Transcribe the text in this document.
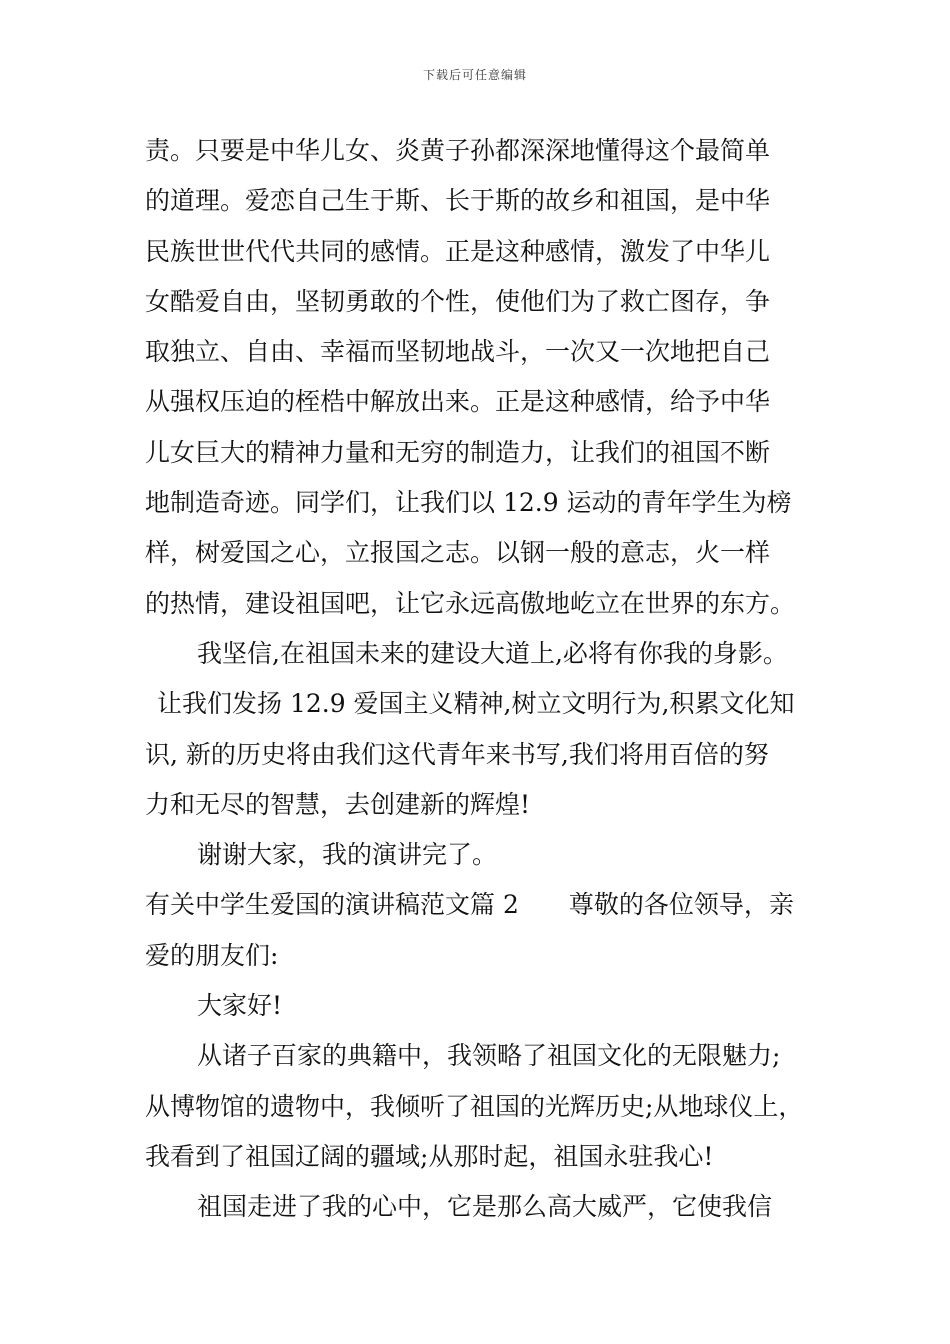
下载后可任意编辑
责。只要是中华儿女、炎黄子孙都深深地懂得这个最简单
的道理。爱恋自己生于斯、长于斯的故乡和祖国，是中华
民族世世代代共同的感情。正是这种感情，激发了中华儿
女酷爱自由，坚韧勇敢的个性，使他们为了救亡图存，争
取独立、自由、幸福而坚韧地战斗，一次又一次地把自己
从强权压迫的桎梏中解放出来。正是这种感情，给予中华
儿女巨大的精神力量和无穷的制造力，让我们的祖国不断
地制造奇迹。同学们，让我们以 12.9 运动的青年学生为榜
样，树爱国之心，立报国之志。以钢一般的意志，火一样
的热情，建设祖国吧，让它永远高傲地屹立在世界的东方。
我坚信,在祖国未来的建设大道上,必将有你我的身影。
让我们发扬 12.9 爱国主义精神,树立文明行为,积累文化知
识, 新的历史将由我们这代青年来书写,我们将用百倍的努
力和无尽的智慧，去创建新的辉煌!
谢谢大家，我的演讲完了。
有关中学生爱国的演讲稿范文篇 2　　尊敬的各位领导，亲
爱的朋友们:
大家好!
从诸子百家的典籍中，我领略了祖国文化的无限魅力;
从博物馆的遗物中，我倾听了祖国的光辉历史;从地球仪上，
我看到了祖国辽阔的疆域;从那时起，祖国永驻我心!
祖国走进了我的心中，它是那么高大威严，它使我信
